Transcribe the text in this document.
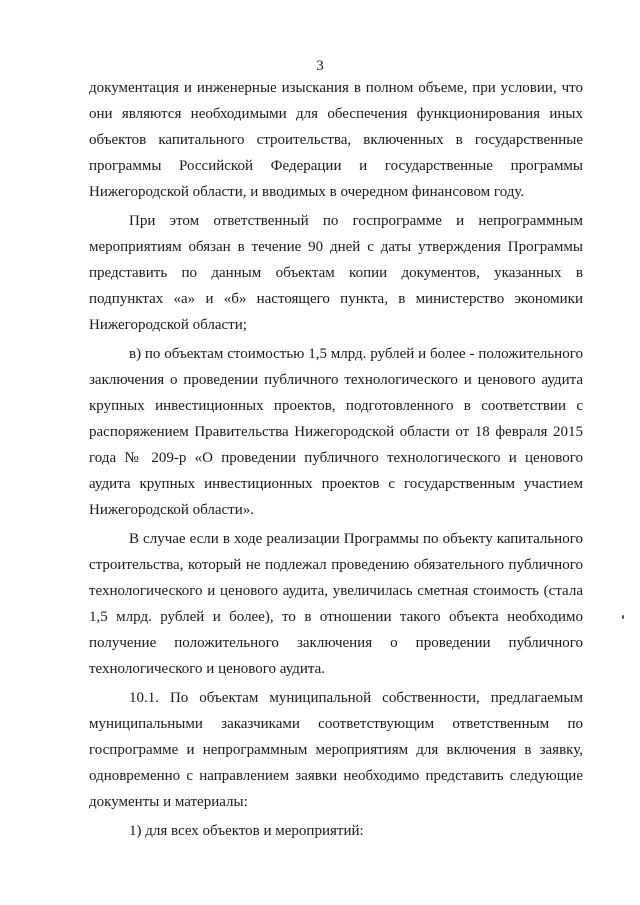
3

документация и инженерные изыскания в полном объеме, при условии, что они являются необходимыми для обеспечения функционирования иных объектов капитального строительства, включенных в государственные программы Российской Федерации и государственные программы Нижегородской области, и вводимых в очередном финансовом году.

При этом ответственный по госпрограмме и непрограммным мероприятиям обязан в течение 90 дней с даты утверждения Программы представить по данным объектам копии документов, указанных в подпунктах «а» и «б» настоящего пункта, в министерство экономики Нижегородской области;

в) по объектам стоимостью 1,5 млрд. рублей и более - положительного заключения о проведении публичного технологического и ценового аудита крупных инвестиционных проектов, подготовленного в соответствии с распоряжением Правительства Нижегородской области от 18 февраля 2015 года № 209-р «О проведении публичного технологического и ценового аудита крупных инвестиционных проектов с государственным участием Нижегородской области».

В случае если в ходе реализации Программы по объекту капитального строительства, который не подлежал проведению обязательного публичного технологического и ценового аудита, увеличилась сметная стоимость (стала 1,5 млрд. рублей и более), то в отношении такого объекта необходимо получение положительного заключения о проведении публичного технологического и ценового аудита.

10.1. По объектам муниципальной собственности, предлагаемым муниципальными заказчиками соответствующим ответственным по госпрограмме и непрограммным мероприятиям для включения в заявку, одновременно с направлением заявки необходимо представить следующие документы и материалы:

1) для всех объектов и мероприятий:
